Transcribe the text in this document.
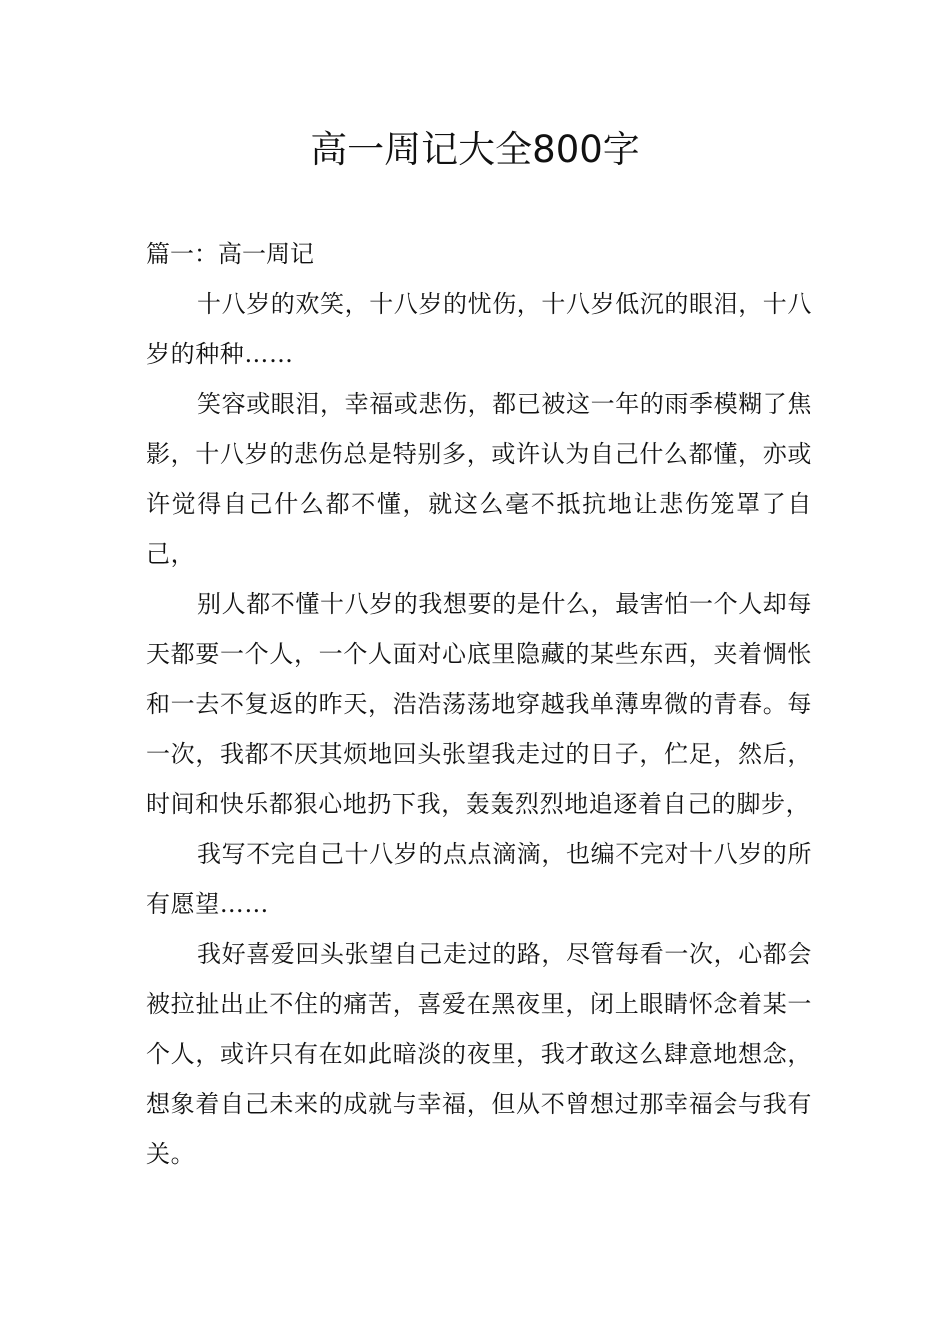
高一周记大全800字

篇一：高一周记

十八岁的欢笑，十八岁的忧伤，十八岁低沉的眼泪，十八岁的种种……

笑容或眼泪，幸福或悲伤，都已被这一年的雨季模糊了焦影，十八岁的悲伤总是特别多，或许认为自己什么都懂，亦或许觉得自己什么都不懂，就这么毫不抵抗地让悲伤笼罩了自己，

别人都不懂十八岁的我想要的是什么，最害怕一个人却每天都要一个人，一个人面对心底里隐藏的某些东西，夹着惆怅和一去不复返的昨天，浩浩荡荡地穿越我单薄卑微的青春。每一次，我都不厌其烦地回头张望我走过的日子，伫足，然后，时间和快乐都狠心地扔下我，轰轰烈烈地追逐着自己的脚步，

我写不完自己十八岁的点点滴滴，也编不完对十八岁的所有愿望……

我好喜爱回头张望自己走过的路，尽管每看一次，心都会被拉扯出止不住的痛苦，喜爱在黑夜里，闭上眼睛怀念着某一个人，或许只有在如此暗淡的夜里，我才敢这么肆意地想念，想象着自己未来的成就与幸福，但从不曾想过那幸福会与我有关。
